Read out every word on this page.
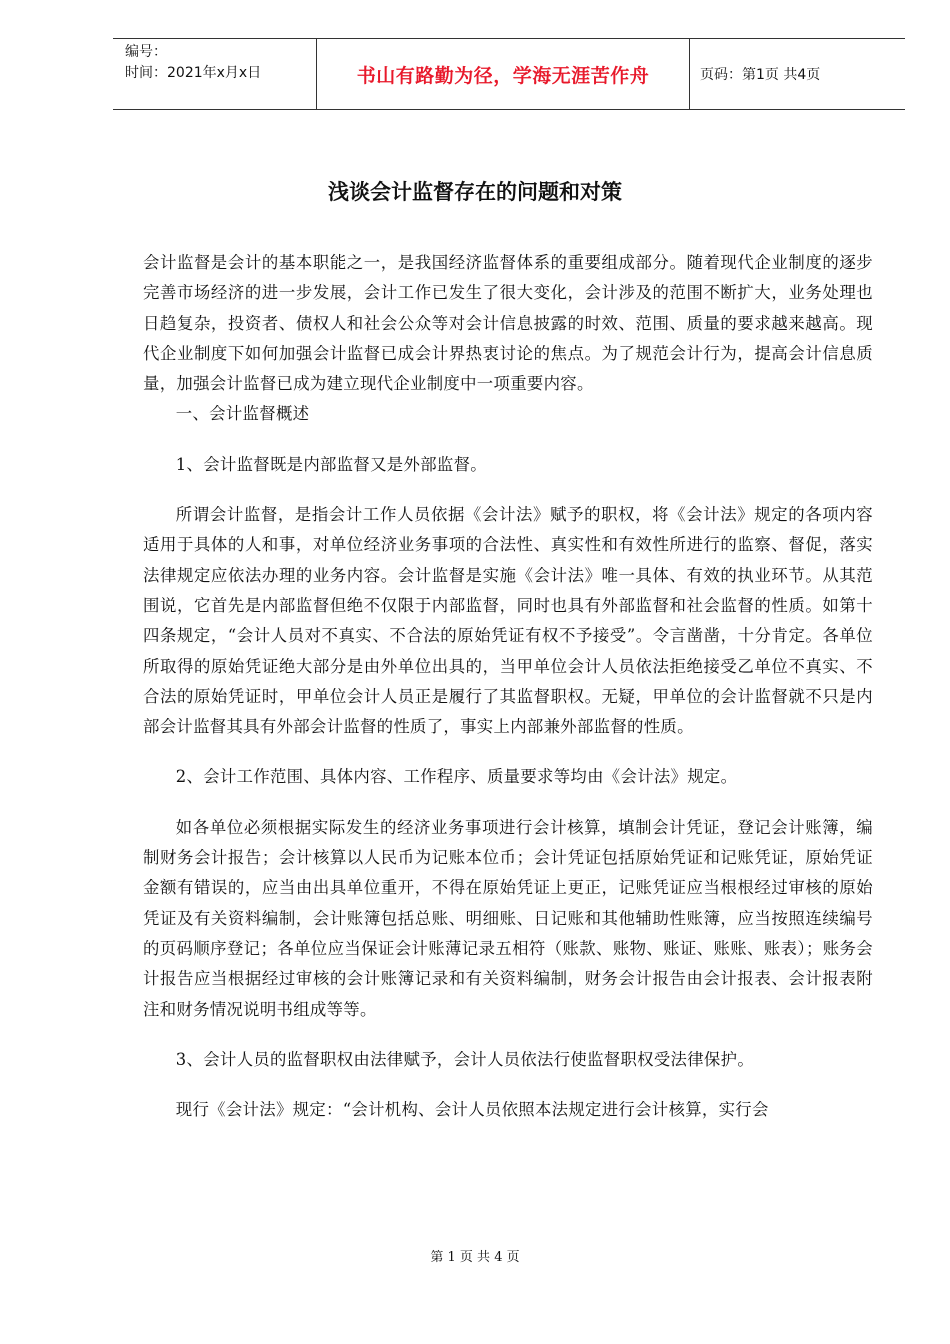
编号：
时间：2021年x月x日	书山有路勤为径，学海无涯苦作舟	页码：第1页 共4页
浅谈会计监督存在的问题和对策

会计监督是会计的基本职能之一，是我国经济监督体系的重要组成部分。随着现代企业制度的逐步完善市场经济的进一步发展，会计工作已发生了很大变化，会计涉及的范围不断扩大，业务处理也日趋复杂，投资者、债权人和社会公众等对会计信息披露的时效、范围、质量的要求越来越高。现代企业制度下如何加强会计监督已成会计界热衷讨论的焦点。为了规范会计行为，提高会计信息质量，加强会计监督已成为建立现代企业制度中一项重要内容。

一、会计监督概述

1、会计监督既是内部监督又是外部监督。

所谓会计监督，是指会计工作人员依据《会计法》赋予的职权，将《会计法》规定的各项内容适用于具体的人和事，对单位经济业务事项的合法性、真实性和有效性所进行的监察、督促，落实法律规定应依法办理的业务内容。会计监督是实施《会计法》唯一具体、有效的执业环节。从其范围说，它首先是内部监督但绝不仅限于内部监督，同时也具有外部监督和社会监督的性质。如第十四条规定，“会计人员对不真实、不合法的原始凭证有权不予接受”。令言凿凿，十分肯定。各单位所取得的原始凭证绝大部分是由外单位出具的，当甲单位会计人员依法拒绝接受乙单位不真实、不合法的原始凭证时，甲单位会计人员正是履行了其监督职权。无疑，甲单位的会计监督就不只是内部会计监督其具有外部会计监督的性质了，事实上内部兼外部监督的性质。

2、会计工作范围、具体内容、工作程序、质量要求等均由《会计法》规定。

如各单位必须根据实际发生的经济业务事项进行会计核算，填制会计凭证，登记会计账簿，编制财务会计报告；会计核算以人民币为记账本位币；会计凭证包括原始凭证和记账凭证，原始凭证金额有错误的，应当由出具单位重开，不得在原始凭证上更正，记账凭证应当根根经过审核的原始凭证及有关资料编制，会计账簿包括总账、明细账、日记账和其他辅助性账簿，应当按照连续编号的页码顺序登记；各单位应当保证会计账薄记录五相符（账款、账物、账证、账账、账表）；账务会计报告应当根据经过审核的会计账簿记录和有关资料编制，财务会计报告由会计报表、会计报表附注和财务情况说明书组成等等。

3、会计人员的监督职权由法律赋予，会计人员依法行使监督职权受法律保护。

现行《会计法》规定：“会计机构、会计人员依照本法规定进行会计核算，实行会

第 1 页 共 4 页
